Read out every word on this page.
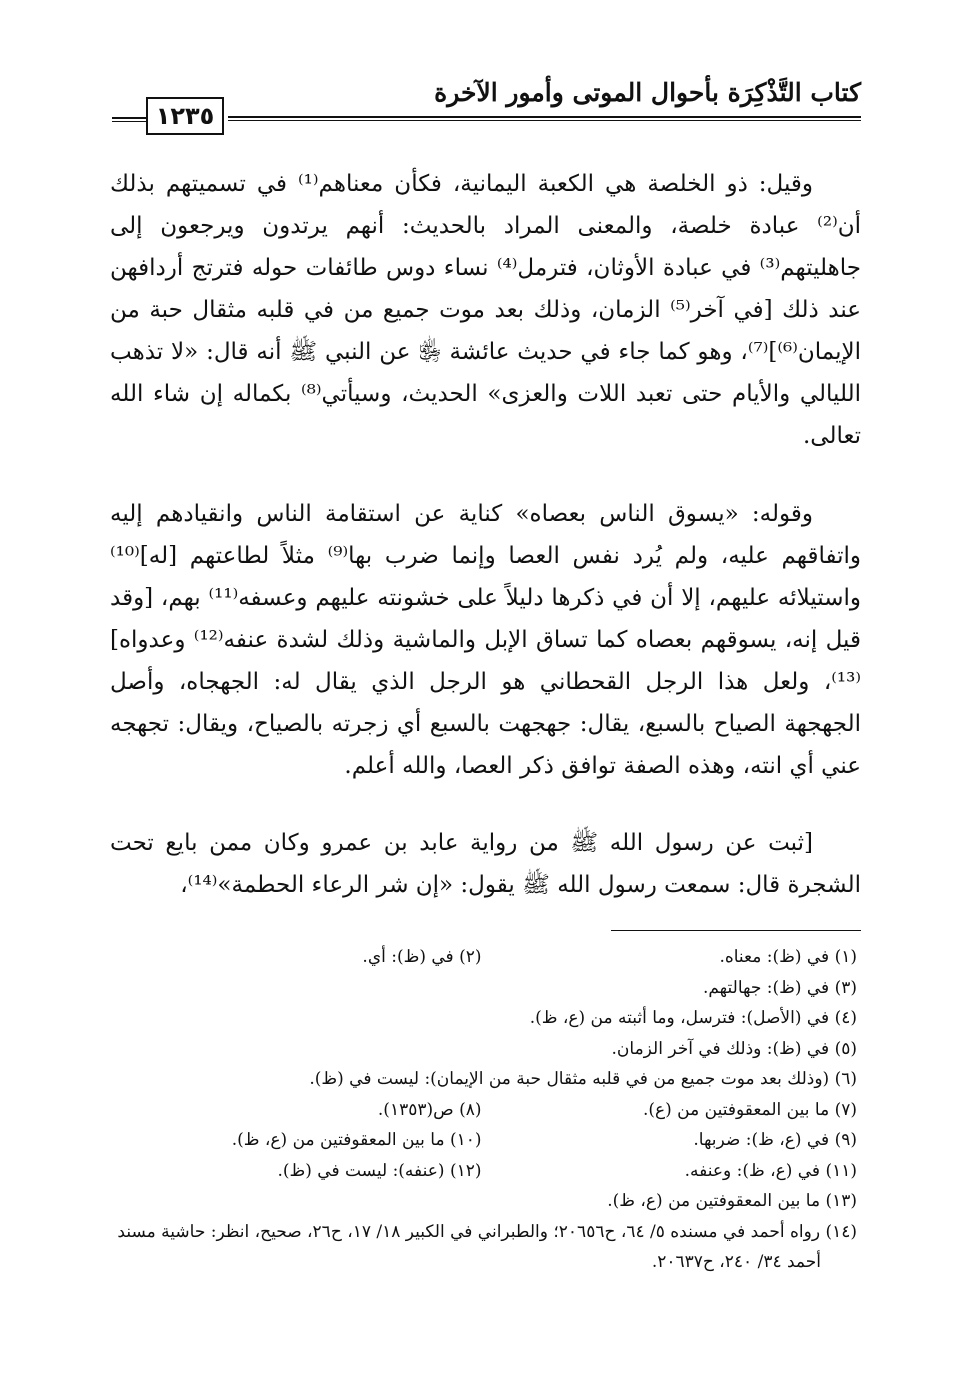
كتاب التَّذْكِرَة بأحوال الموتى وأمور الآخرة
١٢٣٥

وقيل: ذو الخلصة هي الكعبة اليمانية، فكأن معناهم⁽¹⁾ في تسميتهم بذلك أن⁽²⁾ عبادة خلصة، والمعنى المراد بالحديث: أنهم يرتدون ويرجعون إلى جاهليتهم⁽³⁾ في عبادة الأوثان، فترمل⁽⁴⁾ نساء دوس طائفات حوله فترتج أردافهن عند ذلك [في آخر⁽⁵⁾ الزمان، وذلك بعد موت جميع من في قلبه مثقال حبة من الإيمان⁽⁶⁾]⁽⁷⁾، وهو كما جاء في حديث عائشة ﵂ عن النبي ﷺ أنه قال: «لا تذهب الليالي والأيام حتى تعبد اللات والعزى» الحديث، وسيأتي⁽⁸⁾ بكماله إن شاء الله تعالى.

وقوله: «يسوق الناس بعصاه» كناية عن استقامة الناس وانقيادهم إليه واتفاقهم عليه، ولم يُرد نفس العصا وإنما ضرب بها⁽⁹⁾ مثلاً لطاعتهم [له]⁽¹⁰⁾ واستيلائه عليهم، إلا أن في ذكرها دليلاً على خشونته عليهم وعسفه⁽¹¹⁾ بهم، [وقد قيل إنه، يسوقهم بعصاه كما تساق الإبل والماشية وذلك لشدة عنفه⁽¹²⁾ وعدواه]⁽¹³⁾، ولعل هذا الرجل القحطاني هو الرجل الذي يقال له: الجهجاه، وأصل الجهجهة الصياح بالسبع، يقال: جهجهت بالسبع أي زجرته بالصياح، ويقال: تجهجه عني أي انته، وهذه الصفة توافق ذكر العصا، والله أعلم.

[ثبت عن رسول الله ﷺ من رواية عابد بن عمرو وكان ممن بايع تحت الشجرة قال: سمعت رسول الله ﷺ يقول: «إن شر الرعاء الحطمة»⁽¹⁴⁾،

(١) في (ظ): معناه.
(٢) في (ظ): أي.
(٣) في (ظ): جهالتهم.
(٤) في (الأصل): فترسل، وما أثبته من (ع، ظ).
(٥) في (ظ): وذلك في آخر الزمان.
(٦) (وذلك بعد موت جميع من في قلبه مثقال حبة من الإيمان): ليست في (ظ).
(٧) ما بين المعقوفتين من (ع).
(٨) ص(١٣٥٣).
(٩) في (ع، ظ): ضربها.
(١٠) ما بين المعقوفتين من (ع، ظ).
(١١) في (ع، ظ): وعنفه.
(١٢) (عنفه): ليست في (ظ).
(١٣) ما بين المعقوفتين من (ع، ظ).
(١٤) رواه أحمد في مسنده ٥/ ٦٤، ح٢٠٦٥٦؛ والطبراني في الكبير ١٨/ ١٧، ح٢٦، صحيح، انظر: حاشية مسند أحمد ٣٤/ ٢٤٠، ح٢٠٦٣٧.
